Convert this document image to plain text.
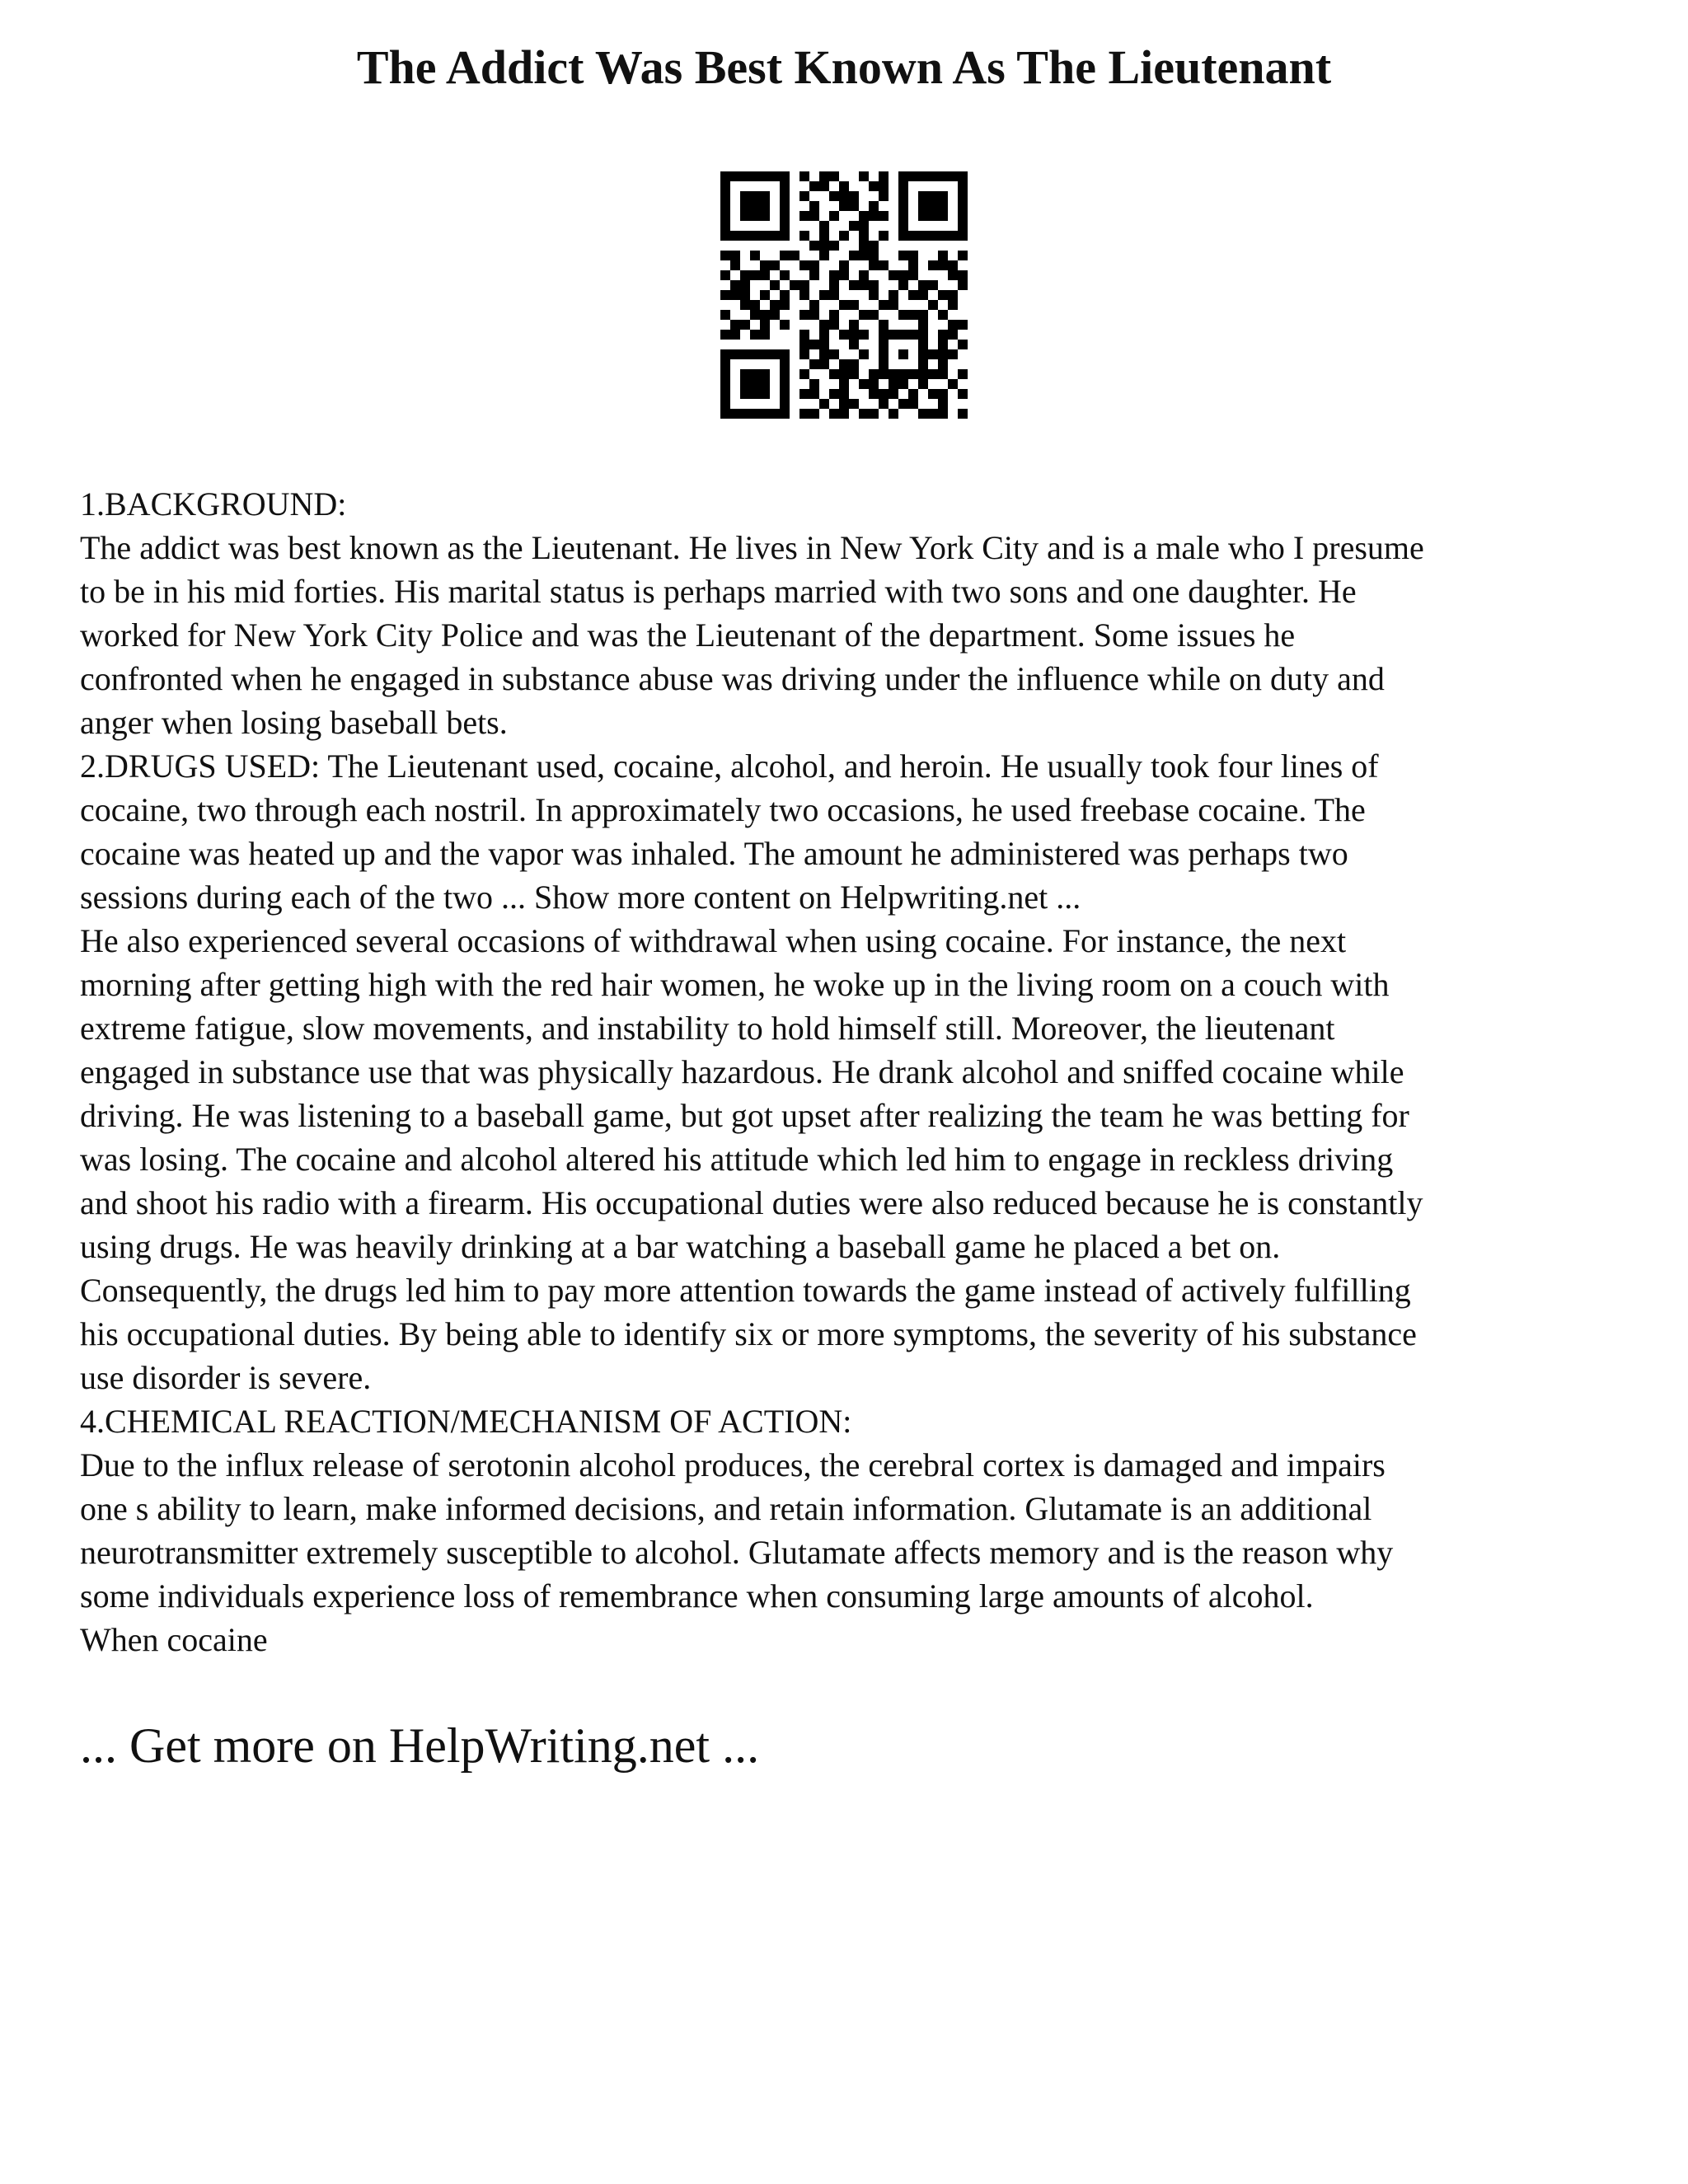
The Addict Was Best Known As The Lieutenant

1.BACKGROUND:

The addict was best known as the Lieutenant. He lives in New York City and is a male who I presume
to be in his mid forties. His marital status is perhaps married with two sons and one daughter. He
worked for New York City Police and was the Lieutenant of the department. Some issues he
confronted when he engaged in substance abuse was driving under the influence while on duty and
anger when losing baseball bets.

2.DRUGS USED: The Lieutenant used, cocaine, alcohol, and heroin. He usually took four lines of
cocaine, two through each nostril. In approximately two occasions, he used freebase cocaine. The
cocaine was heated up and the vapor was inhaled. The amount he administered was perhaps two
sessions during each of the two ... Show more content on Helpwriting.net ...

He also experienced several occasions of withdrawal when using cocaine. For instance, the next
morning after getting high with the red hair women, he woke up in the living room on a couch with
extreme fatigue, slow movements, and instability to hold himself still. Moreover, the lieutenant
engaged in substance use that was physically hazardous. He drank alcohol and sniffed cocaine while
driving. He was listening to a baseball game, but got upset after realizing the team he was betting for
was losing. The cocaine and alcohol altered his attitude which led him to engage in reckless driving
and shoot his radio with a firearm. His occupational duties were also reduced because he is constantly
using drugs. He was heavily drinking at a bar watching a baseball game he placed a bet on.
Consequently, the drugs led him to pay more attention towards the game instead of actively fulfilling
his occupational duties. By being able to identify six or more symptoms, the severity of his substance
use disorder is severe.

4.CHEMICAL REACTION/MECHANISM OF ACTION:

Due to the influx release of serotonin alcohol produces, the cerebral cortex is damaged and impairs
one s ability to learn, make informed decisions, and retain information. Glutamate is an additional
neurotransmitter extremely susceptible to alcohol. Glutamate affects memory and is the reason why
some individuals experience loss of remembrance when consuming large amounts of alcohol.

When cocaine

... Get more on HelpWriting.net ...
